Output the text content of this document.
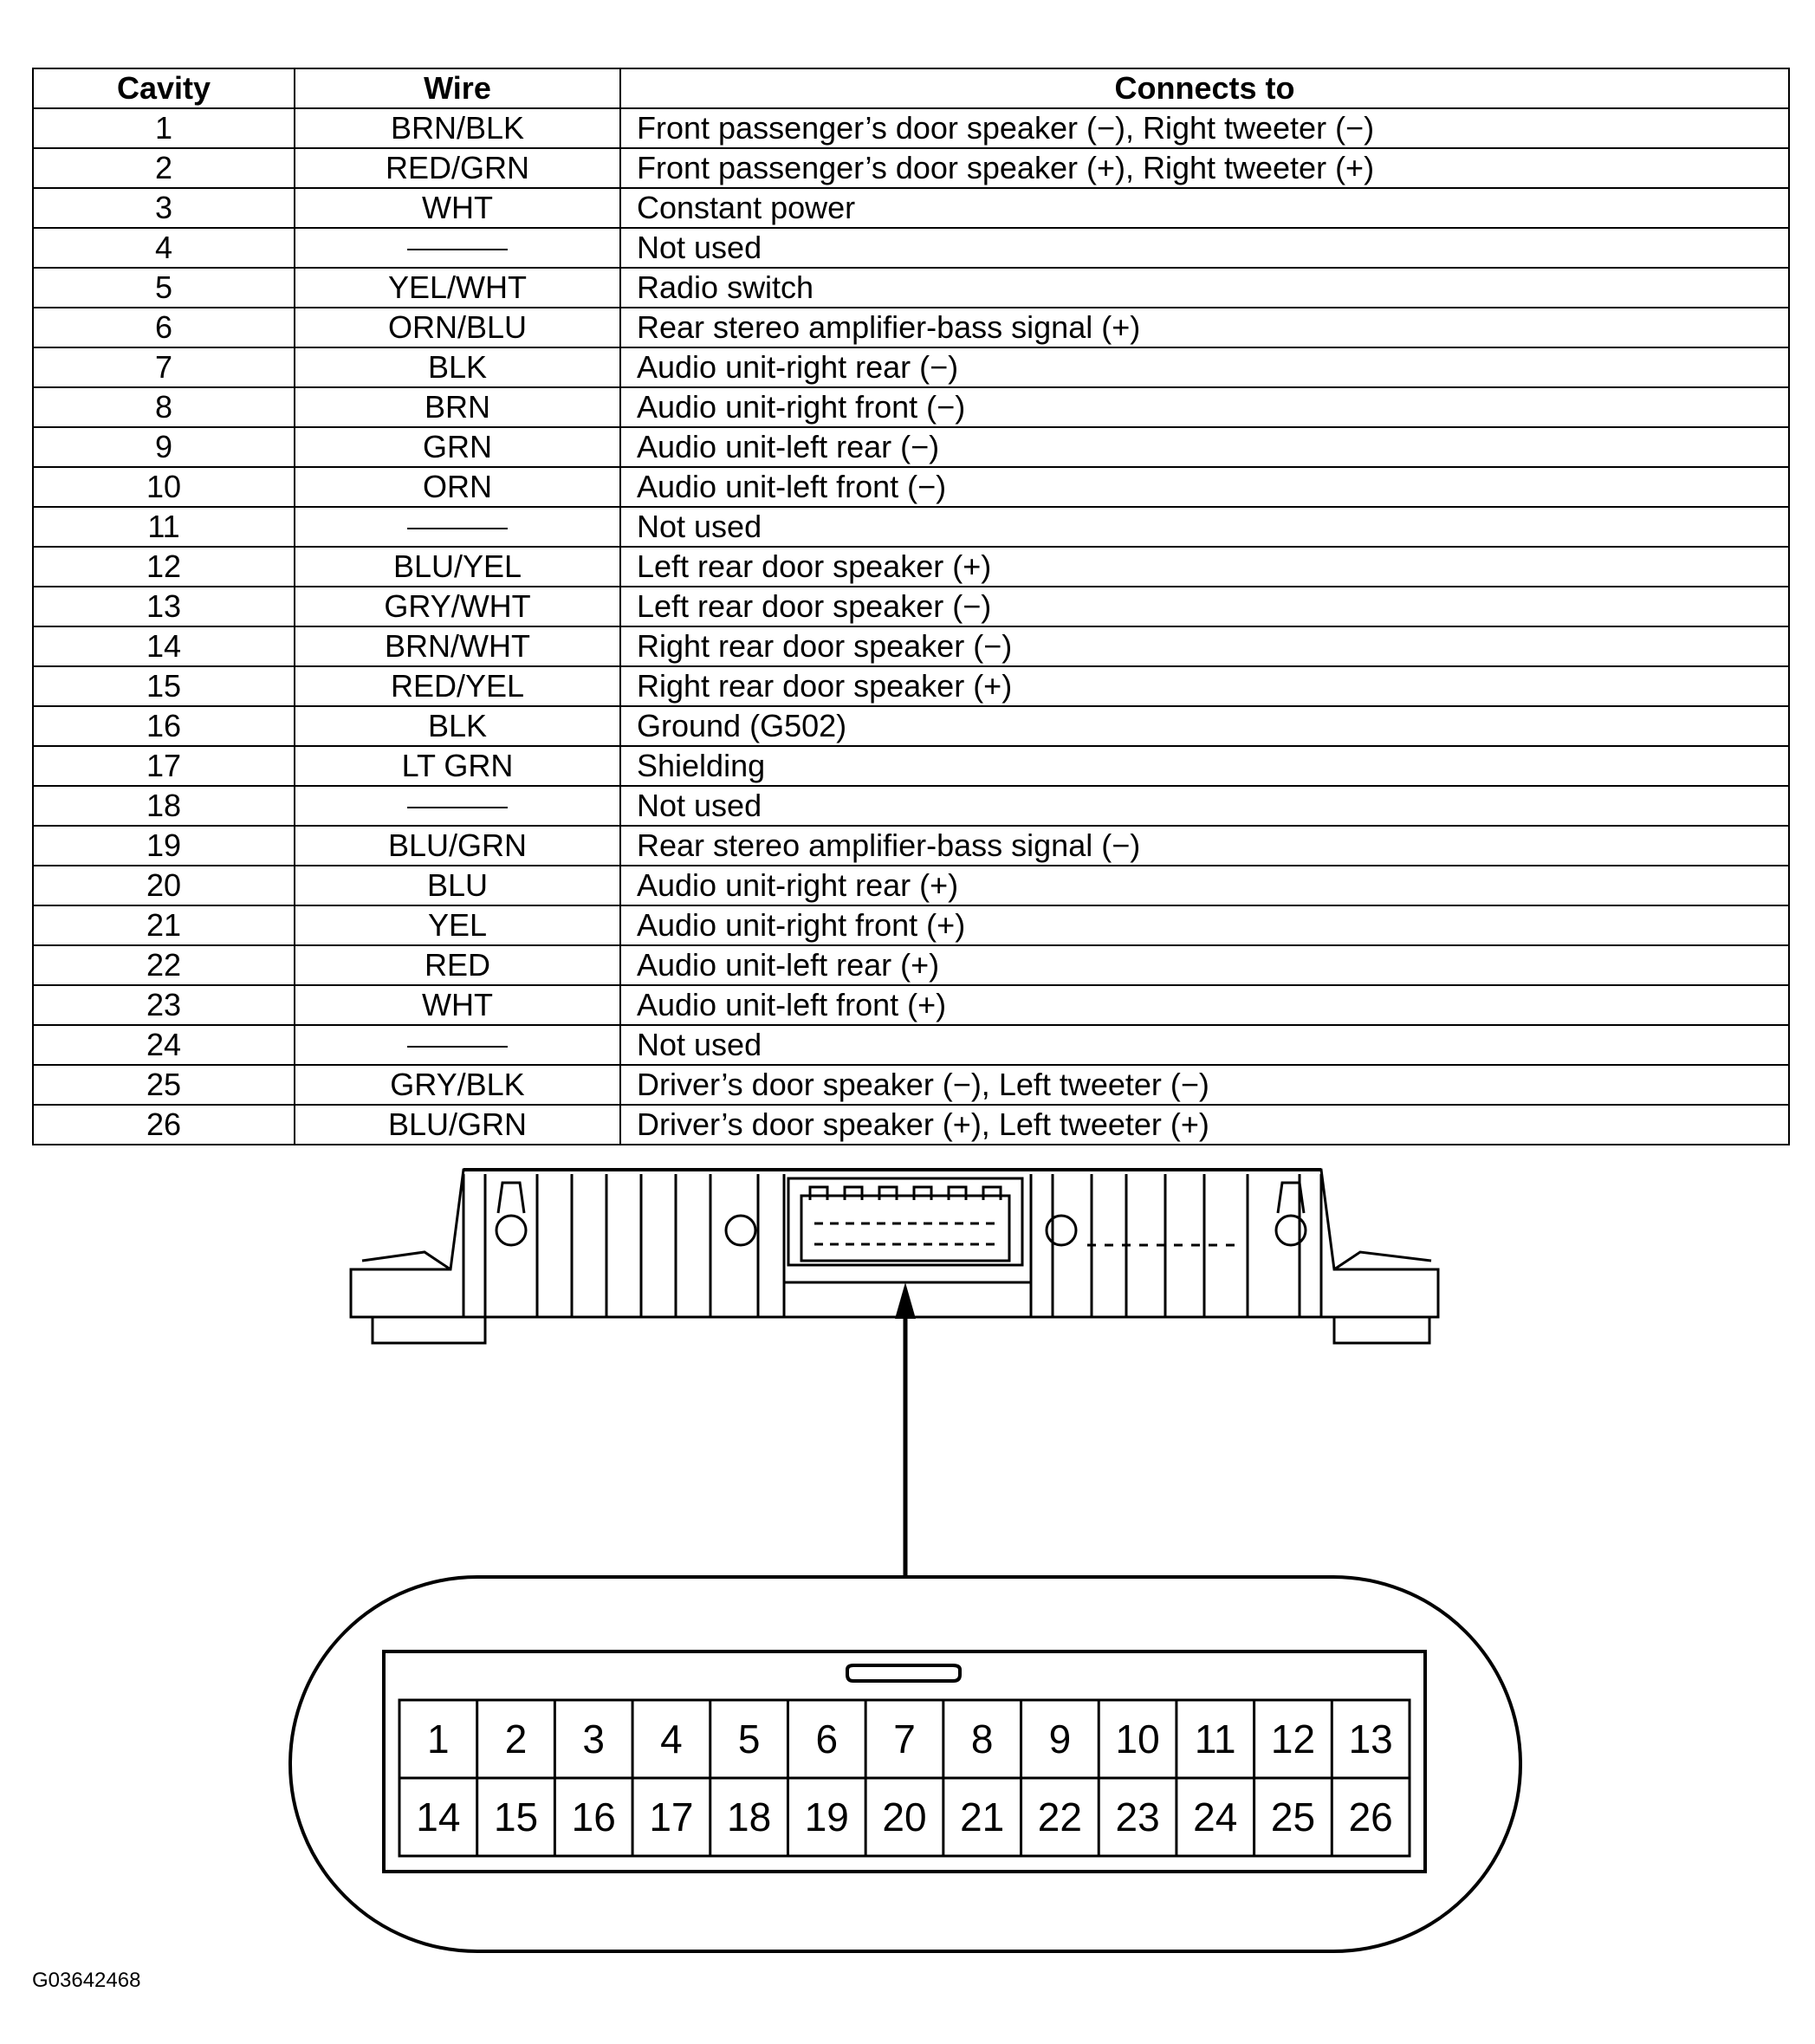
Cavity	Wire	Connects to
1	BRN/BLK	Front passenger’s door speaker (−), Right tweeter (−)
2	RED/GRN	Front passenger’s door speaker (+), Right tweeter (+)
3	WHT	Constant power
4		Not used
5	YEL/WHT	Radio switch
6	ORN/BLU	Rear stereo amplifier-bass signal (+)
7	BLK	Audio unit-right rear (−)
8	BRN	Audio unit-right front (−)
9	GRN	Audio unit-left rear (−)
10	ORN	Audio unit-left front (−)
11		Not used
12	BLU/YEL	Left rear door speaker (+)
13	GRY/WHT	Left rear door speaker (−)
14	BRN/WHT	Right rear door speaker (−)
15	RED/YEL	Right rear door speaker (+)
16	BLK	Ground (G502)
17	LT GRN	Shielding
18		Not used
19	BLU/GRN	Rear stereo amplifier-bass signal (−)
20	BLU	Audio unit-right rear (+)
21	YEL	Audio unit-right front (+)
22	RED	Audio unit-left rear (+)
23	WHT	Audio unit-left front (+)
24		Not used
25	GRY/BLK	Driver’s door speaker (−), Left tweeter (−)
26	BLU/GRN	Driver’s door speaker (+), Left tweeter (+)
1 2 3 4 5 6 7 8 9 10 11 12 13
14 15 16 17 18 19 20 21 22 23 24 25 26
G03642468
